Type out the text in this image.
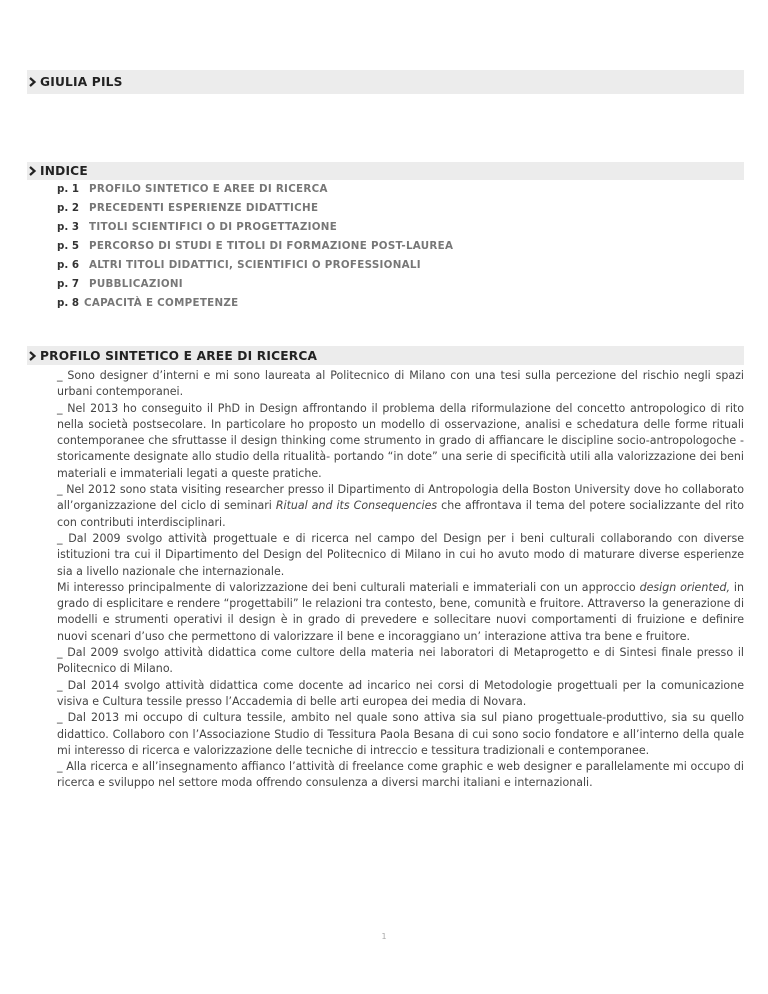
GIULIA PILS
INDICE
p. 1 PROFILO SINTETICO E AREE DI RICERCA
p. 2 PRECEDENTI ESPERIENZE DIDATTICHE
p. 3 TITOLI SCIENTIFICI O DI PROGETTAZIONE
p. 5 PERCORSO DI STUDI E TITOLI DI FORMAZIONE POST-LAUREA
p. 6 ALTRI TITOLI DIDATTICI, SCIENTIFICI O PROFESSIONALI
p. 7 PUBBLICAZIONI
p. 8 CAPACITÀ E COMPETENZE
PROFILO SINTETICO E AREE DI RICERCA

_ Sono designer d’interni e mi sono laureata al Politecnico di Milano con una tesi sulla percezione del rischio negli spazi urbani contemporanei.

_ Nel 2013 ho conseguito il PhD in Design affrontando il problema della riformulazione del concetto antropologico di rito nella società postsecolare. In particolare ho proposto un modello di osservazione, analisi e schedatura delle forme rituali contemporanee che sfruttasse il design thinking come strumento in grado di affiancare le discipline socio-antropologoche -storicamente designate allo studio della ritualità- portando “in dote” una serie di specificità utili alla valorizzazione dei beni materiali e immateriali legati a queste pratiche.

_ Nel 2012 sono stata visiting researcher presso il Dipartimento di Antropologia della Boston University dove ho collaborato all’organizzazione del ciclo di seminari Ritual and its Consequencies che affrontava il tema del potere socializzante del rito con contributi interdisciplinari.

_ Dal 2009 svolgo attività progettuale e di ricerca nel campo del Design per i beni culturali collaborando con diverse istituzioni tra cui il Dipartimento del Design del Politecnico di Milano in cui ho avuto modo di maturare diverse esperienze sia a livello nazionale che internazionale.

Mi interesso principalmente di valorizzazione dei beni culturali materiali e immateriali con un approccio design oriented, in grado di esplicitare e rendere “progettabili” le relazioni tra contesto, bene, comunità e fruitore. Attraverso la generazione di modelli e strumenti operativi il design è in grado di prevedere e sollecitare nuovi comportamenti di fruizione e definire nuovi scenari d’uso che permettono di valorizzare il bene e incoraggiano un’ interazione attiva tra bene e fruitore.

_ Dal 2009 svolgo attività didattica come cultore della materia nei laboratori di Metaprogetto e di Sintesi finale presso il Politecnico di Milano.

_ Dal 2014 svolgo attività didattica come docente ad incarico nei corsi di Metodologie progettuali per la comunicazione visiva e Cultura tessile presso l’Accademia di belle arti europea dei media di Novara.

_ Dal 2013 mi occupo di cultura tessile, ambito nel quale sono attiva sia sul piano progettuale-produttivo, sia su quello didattico. Collaboro con l’Associazione Studio di Tessitura Paola Besana di cui sono socio fondatore e all’interno della quale mi interesso di ricerca e valorizzazione delle tecniche di intreccio e tessitura tradizionali e contemporanee.

_ Alla ricerca e all’insegnamento affianco l’attività di freelance come graphic e web designer e parallelamente mi occupo di ricerca e sviluppo nel settore moda offrendo consulenza a diversi marchi italiani e internazionali.

1
